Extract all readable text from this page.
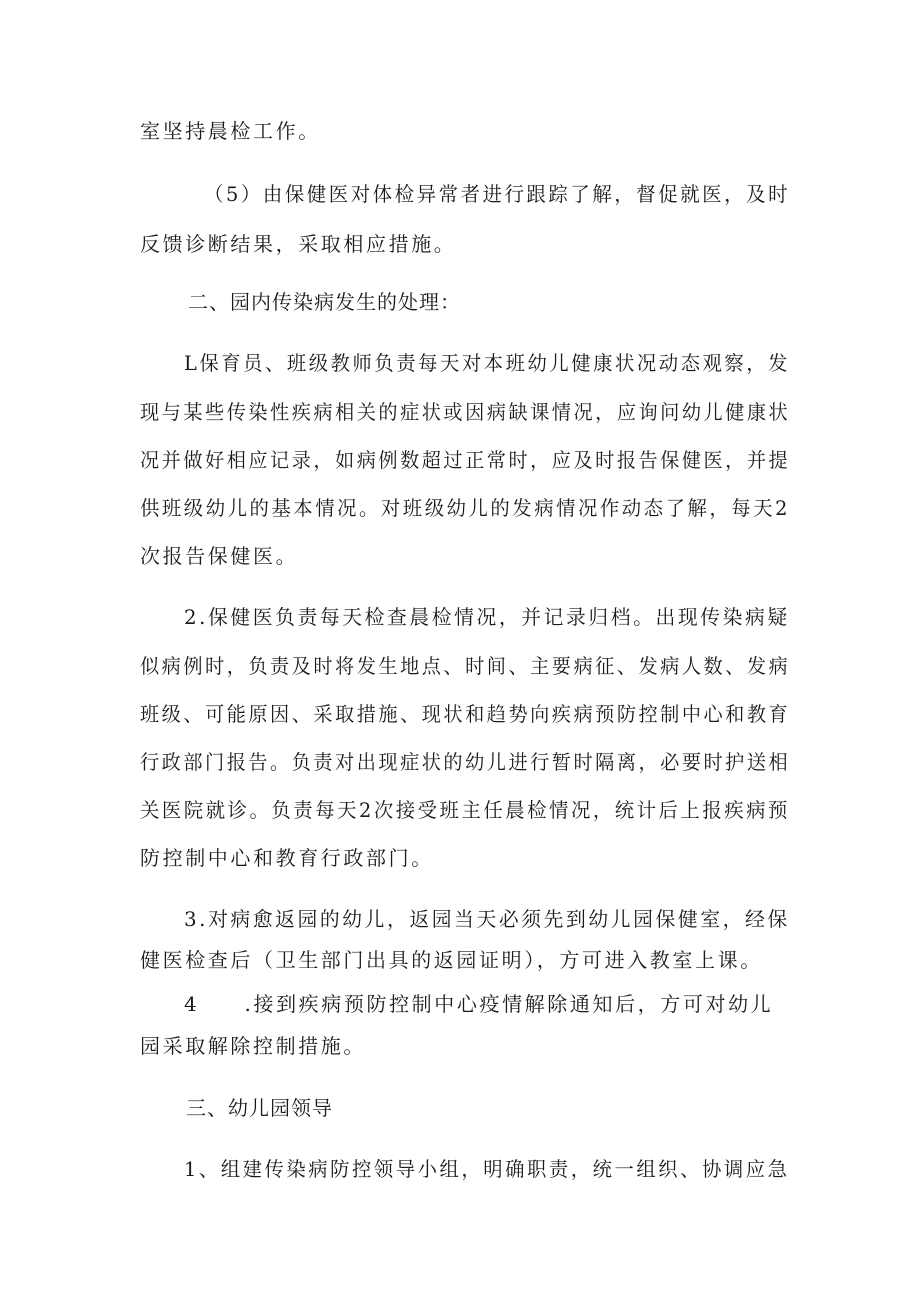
室坚持晨检工作。
（5）由保健医对体检异常者进行跟踪了解，督促就医，及时
反馈诊断结果，采取相应措施。
二、园内传染病发生的处理：
L保育员、班级教师负责每天对本班幼儿健康状况动态观察，发
现与某些传染性疾病相关的症状或因病缺课情况，应询问幼儿健康状
况并做好相应记录，如病例数超过正常时，应及时报告保健医，并提
供班级幼儿的基本情况。对班级幼儿的发病情况作动态了解，每天2
次报告保健医。
2.保健医负责每天检查晨检情况，并记录归档。出现传染病疑
似病例时，负责及时将发生地点、时间、主要病征、发病人数、发病
班级、可能原因、采取措施、现状和趋势向疾病预防控制中心和教育
行政部门报告。负责对出现症状的幼儿进行暂时隔离，必要时护送相
关医院就诊。负责每天2次接受班主任晨检情况，统计后上报疾病预
防控制中心和教育行政部门。
3.对病愈返园的幼儿，返园当天必须先到幼儿园保健室，经保
健医检查后（卫生部门出具的返园证明），方可进入教室上课。
4　　.接到疾病预防控制中心疫情解除通知后，方可对幼儿
园采取解除控制措施。
三、幼儿园领导
1、组建传染病防控领导小组，明确职责，统一组织、协调应急
